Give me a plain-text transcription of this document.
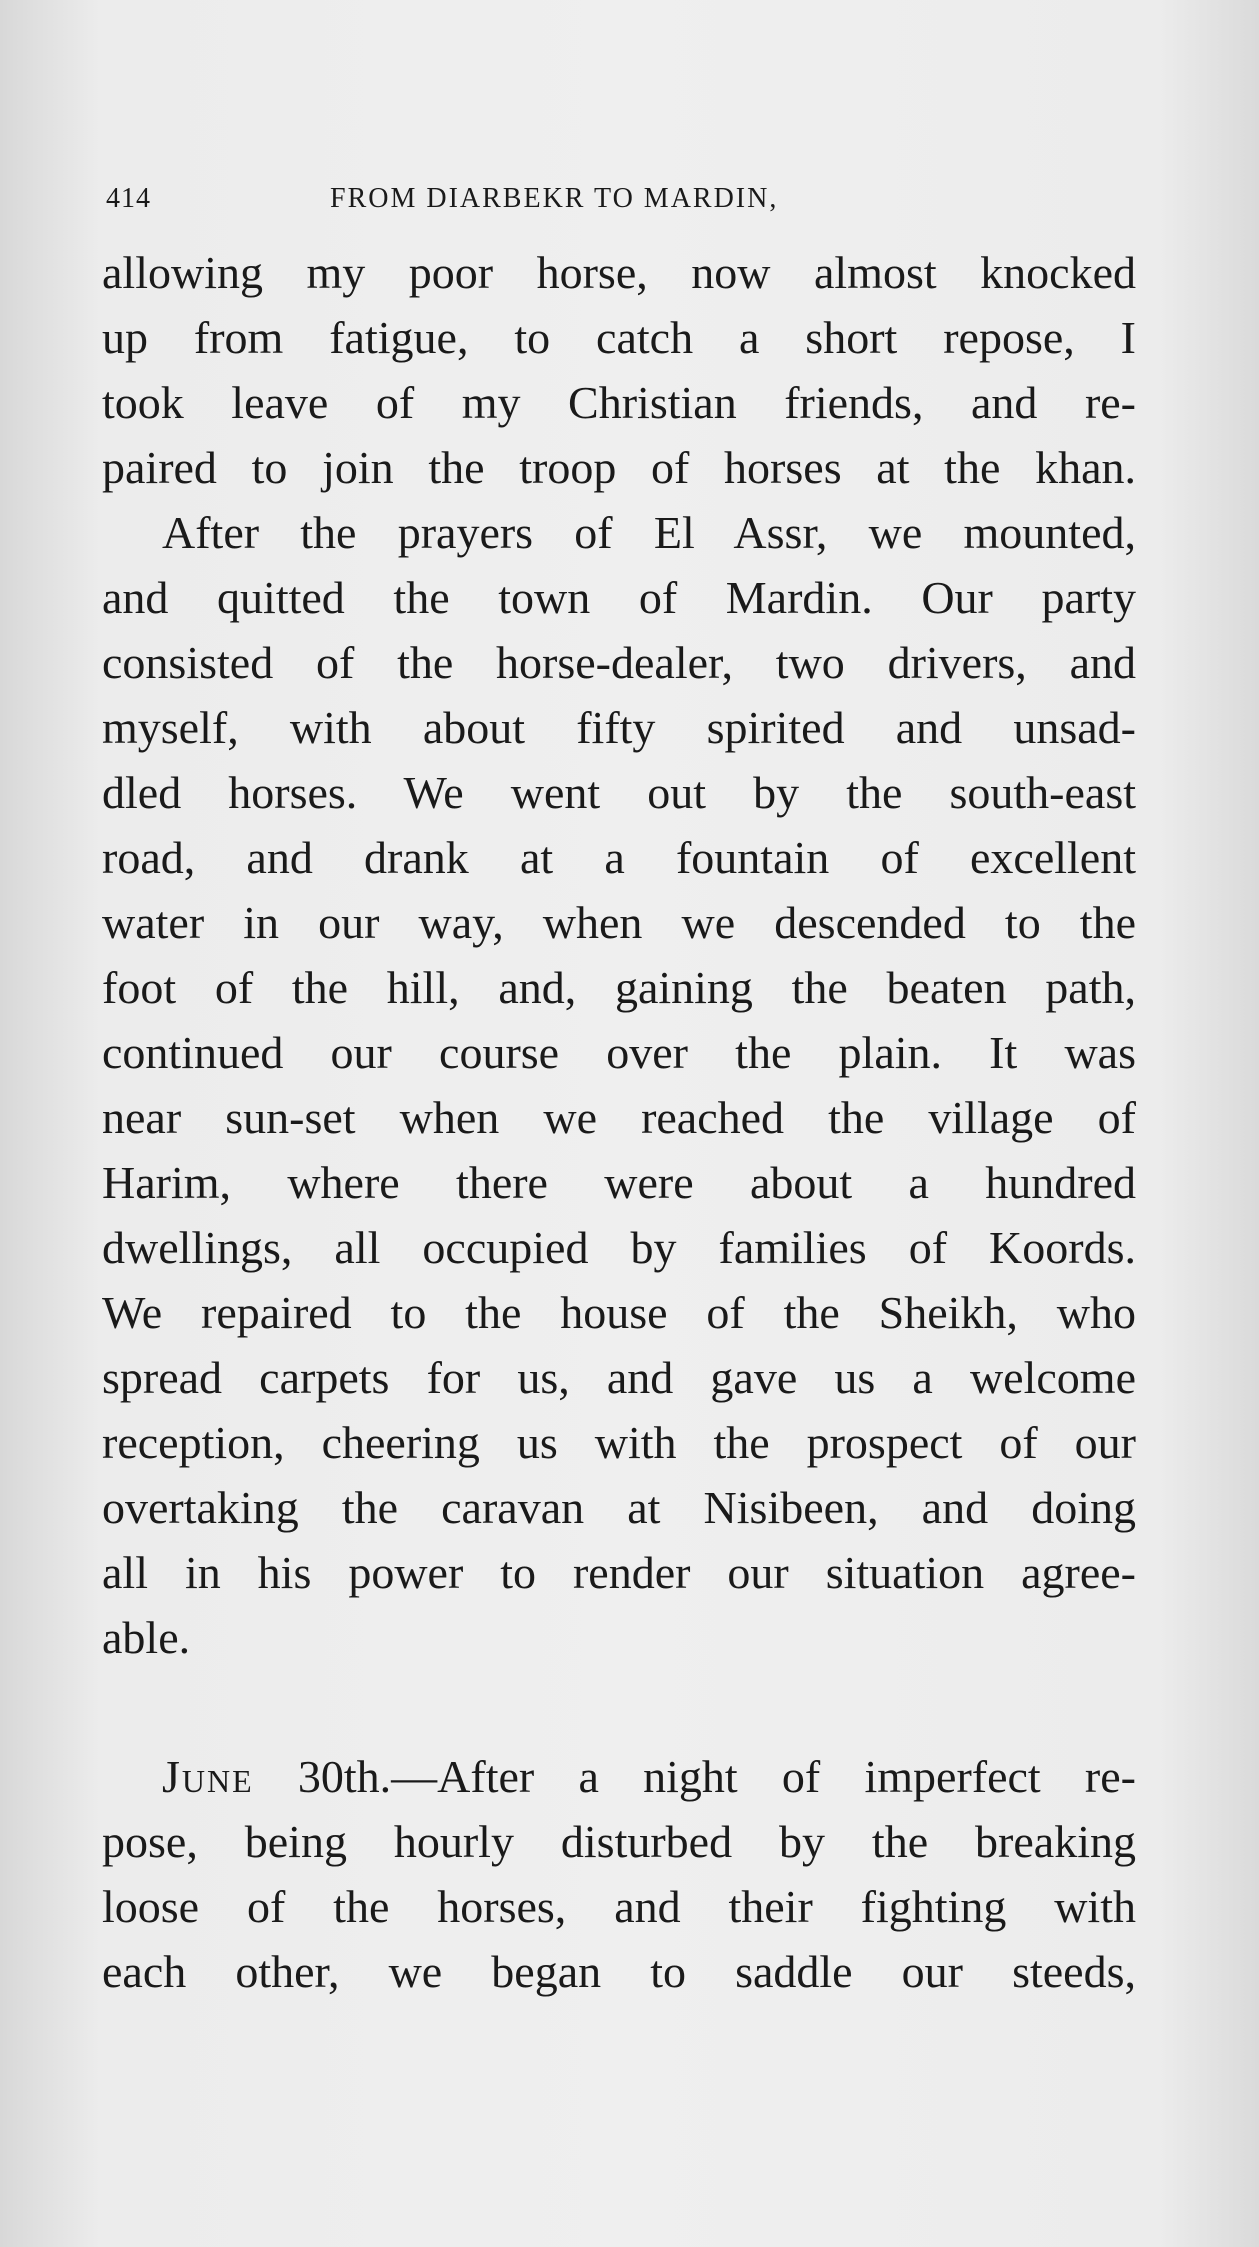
414	FROM DIARBEKR TO MARDIN,
allowing my poor horse, now almost knocked
up from fatigue, to catch a short repose, I
took leave of my Christian friends, and re-
paired to join the troop of horses at the khan.
After the prayers of El Assr, we mounted,
and quitted the town of Mardin. Our party
consisted of the horse-dealer, two drivers, and
myself, with about fifty spirited and unsad-
dled horses. We went out by the south-east
road, and drank at a fountain of excellent
water in our way, when we descended to the
foot of the hill, and, gaining the beaten path,
continued our course over the plain. It was
near sun-set when we reached the village of
Harim, where there were about a hundred
dwellings, all occupied by families of Koords.
We repaired to the house of the Sheikh, who
spread carpets for us, and gave us a welcome
reception, cheering us with the prospect of our
overtaking the caravan at Nisibeen, and doing
all in his power to render our situation agree-
able.
June 30th.—After a night of imperfect re-
pose, being hourly disturbed by the breaking
loose of the horses, and their fighting with
each other, we began to saddle our steeds,
